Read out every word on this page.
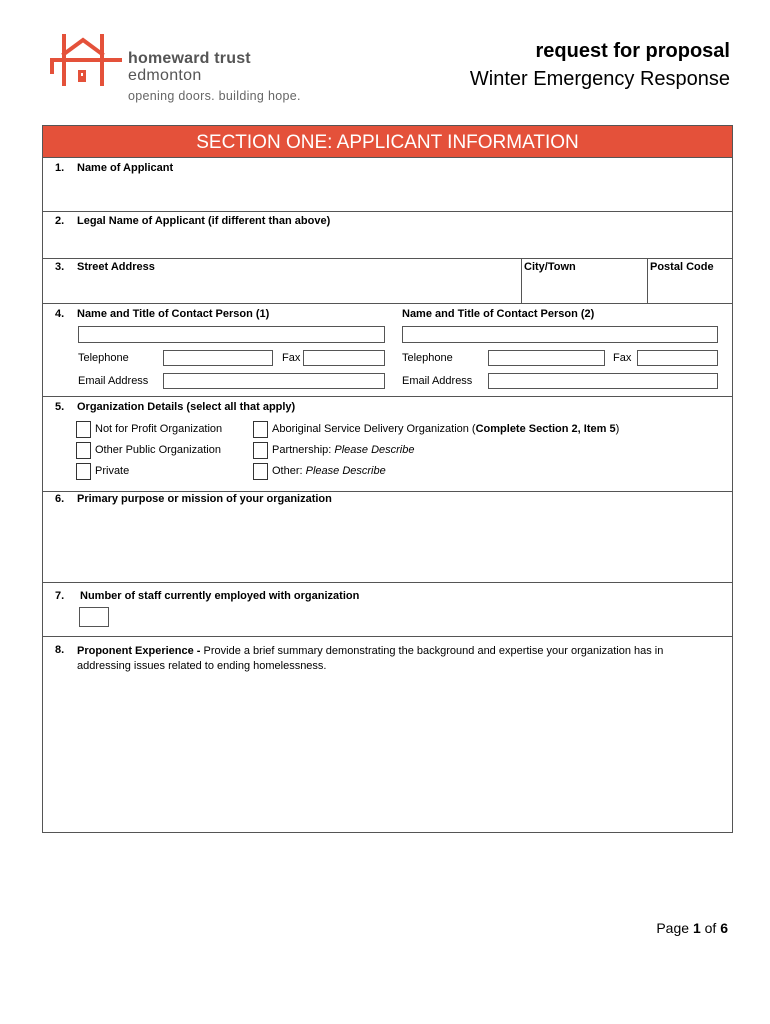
homeward trust
edmonton
opening doors. building hope.
request for proposal
Winter Emergency Response
SECTION ONE: APPLICANT INFORMATION
1. Name of Applicant
2. Legal Name of Applicant (if different than above)
3. Street Address	City/Town	Postal Code
4. Name and Title of Contact Person (1)	Name and Title of Contact Person (2)
Telephone	Fax	Telephone	Fax
Email Address	Email Address
5. Organization Details (select all that apply)
Not for Profit Organization
Other Public Organization
Private
Aboriginal Service Delivery Organization (Complete Section 2, Item 5)
Partnership: Please Describe
Other: Please Describe
6. Primary purpose or mission of your organization
7. Number of staff currently employed with organization
8. Proponent Experience - Provide a brief summary demonstrating the background and expertise your organization has in
addressing issues related to ending homelessness.
Page 1 of 6
